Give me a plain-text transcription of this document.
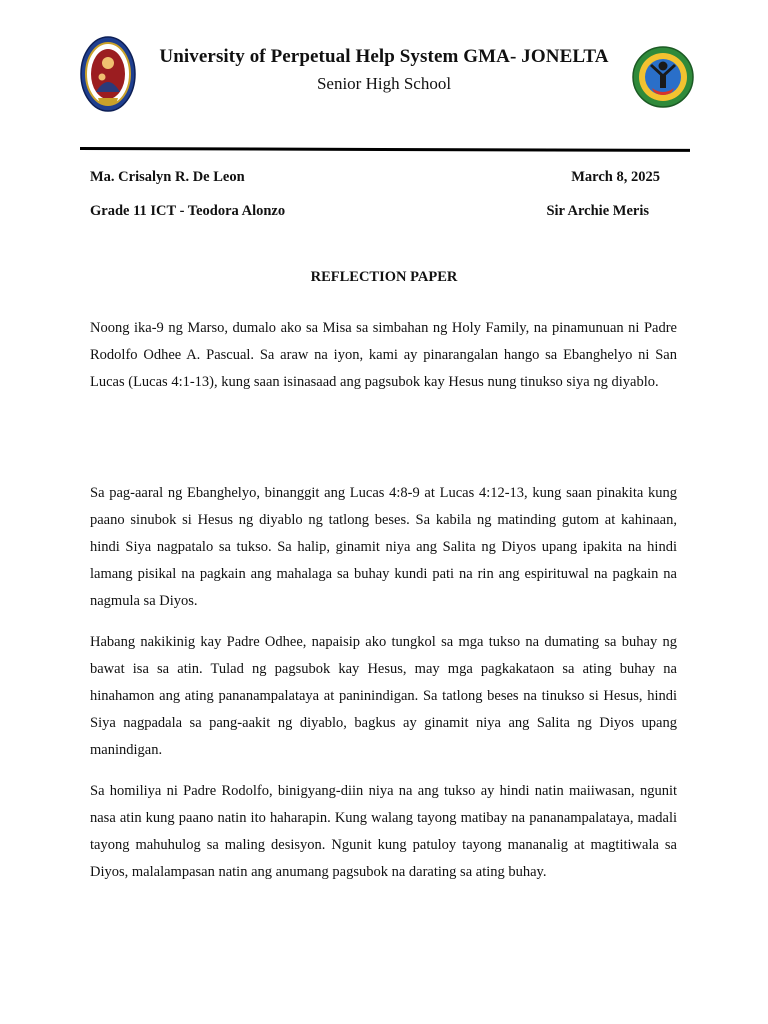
University of Perpetual Help System GMA- JONELTA
Senior High School
Ma. Crisalyn R. De Leon	March 8, 2025
Grade 11 ICT - Teodora Alonzo	Sir Archie Meris
REFLECTION PAPER

Noong ika-9 ng Marso, dumalo ako sa Misa sa simbahan ng Holy Family, na pinamunuan ni Padre Rodolfo Odhee A. Pascual. Sa araw na iyon, kami ay pinarangalan hango sa Ebanghelyo ni San Lucas (Lucas 4:1-13), kung saan isinasaad ang pagsubok kay Hesus nung tinukso siya ng diyablo.

Sa pag-aaral ng Ebanghelyo, binanggit ang Lucas 4:8-9 at Lucas 4:12-13, kung saan pinakita kung paano sinubok si Hesus ng diyablo ng tatlong beses. Sa kabila ng matinding gutom at kahinaan, hindi Siya nagpatalo sa tukso. Sa halip, ginamit niya ang Salita ng Diyos upang ipakita na hindi lamang pisikal na pagkain ang mahalaga sa buhay kundi pati na rin ang espirituwal na pagkain na nagmula sa Diyos.

Habang nakikinig kay Padre Odhee, napaisip ako tungkol sa mga tukso na dumating sa buhay ng bawat isa sa atin. Tulad ng pagsubok kay Hesus, may mga pagkakataon sa ating buhay na hinahamon ang ating pananampalataya at paninindigan. Sa tatlong beses na tinukso si Hesus, hindi Siya nagpadala sa pang-aakit ng diyablo, bagkus ay ginamit niya ang Salita ng Diyos upang manindigan.

Sa homiliya ni Padre Rodolfo, binigyang-diin niya na ang tukso ay hindi natin maiiwasan, ngunit nasa atin kung paano natin ito haharapin. Kung walang tayong matibay na pananampalataya, madali tayong mahuhulog sa maling desisyon. Ngunit kung patuloy tayong mananalig at magtitiwala sa Diyos, malalampasan natin ang anumang pagsubok na darating sa ating buhay.
